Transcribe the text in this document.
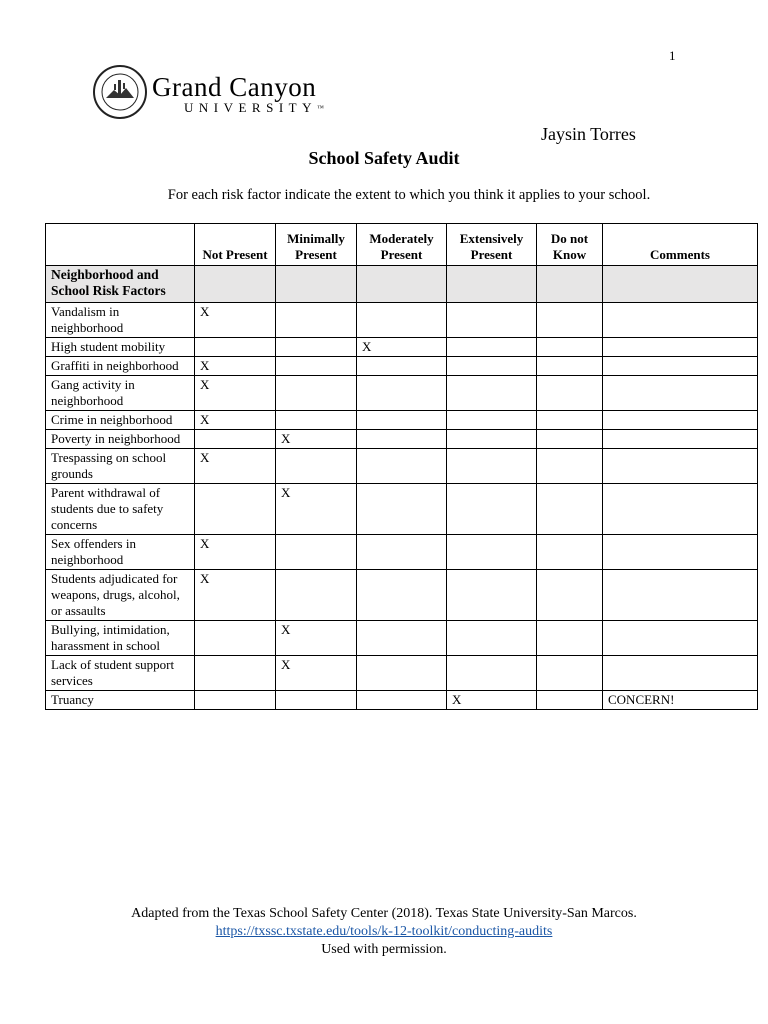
1
Grand Canyon
UNIVERSITY™
Jaysin Torres
School Safety Audit
For each risk factor indicate the extent to which you think it applies to your school.
	Not Present	Minimally Present	Moderately Present	Extensively Present	Do not Know	Comments
Neighborhood and School Risk Factors						
Vandalism in neighborhood	X					
High student mobility			X			
Graffiti in neighborhood	X					
Gang activity in neighborhood	X					
Crime in neighborhood	X					
Poverty in neighborhood		X				
Trespassing on school grounds	X					
Parent withdrawal of students due to safety concerns		X				
Sex offenders in neighborhood	X					
Students adjudicated for weapons, drugs, alcohol, or assaults	X					
Bullying, intimidation, harassment in school		X				
Lack of student support services		X				
Truancy				X		CONCERN!
Adapted from the Texas School Safety Center (2018). Texas State University-San Marcos.
https://txssc.txstate.edu/tools/k-12-toolkit/conducting-audits
Used with permission.
